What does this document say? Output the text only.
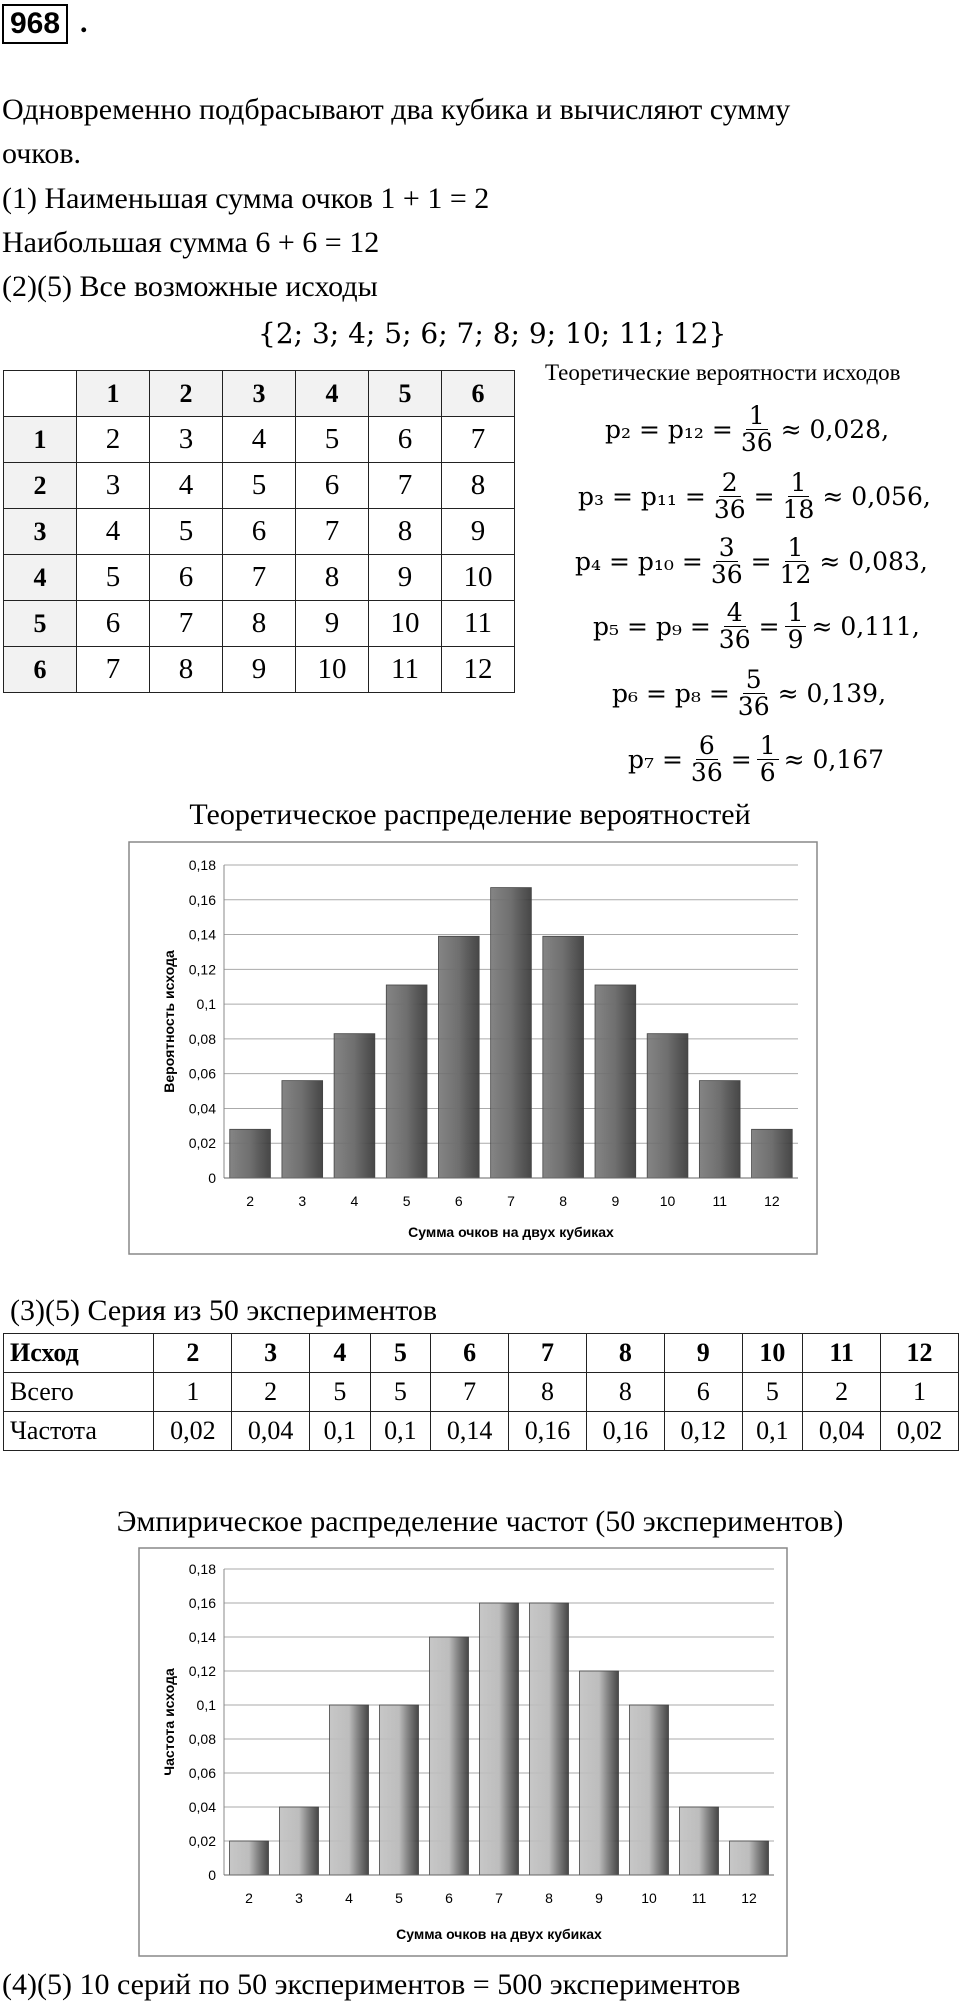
968 .
Одновременно подбрасывают два кубика и вычисляют сумму
очков.
(1) Наименьшая сумма очков 1 + 1 = 2
Наибольшая сумма 6 + 6 = 12
(2)(5) Все возможные исходы
{2; 3; 4; 5; 6; 7; 8; 9; 10; 11; 12}
	1	2	3	4	5	6
1	2	3	4	5	6	7
2	3	4	5	6	7	8
3	4	5	6	7	8	9
4	5	6	7	8	9	10
5	6	7	8	9	10	11
6	7	8	9	10	11	12
Теоретические вероятности исходов
$p_2 = p_{12} = \frac{1}{36} \approx 0,028$,
$p_3 = p_{11} = \frac{2}{36} = \frac{1}{18} \approx 0,056$,
$p_4 = p_{10} = \frac{3}{36} = \frac{1}{12} \approx 0,083$,
$p_5 = p_9 = \frac{4}{36} = \frac{1}{9} \approx 0,111$,
$p_6 = p_8 = \frac{5}{36} \approx 0,139$,
$p_7 = \frac{6}{36} = \frac{1}{6} \approx 0,167$
Теоретическое распределение вероятностей
0
0,02
0,04
0,06
0,08
0,1
0,12
0,14
0,16
0,18
2	3	4	5	6	7	8	9	10	11	12
Сумма очков на двух кубиках
Вероятность исхода
(3)(5) Серия из 50 экспериментов
Исход	2	3	4	5	6	7	8	9	10	11	12
Всего	1	2	5	5	7	8	8	6	5	2	1
Частота	0,02	0,04	0,1	0,1	0,14	0,16	0,16	0,12	0,1	0,04	0,02
Эмпирическое распределение частот (50 экспериментов)
0
0,02
0,04
0,06
0,08
0,1
0,12
0,14
0,16
0,18
2	3	4	5	6	7	8	9	10 11 12
Сумма очков на двух кубиках
Частота исхода
(4)(5) 10 серий по 50 экспериментов = 500 экспериментов
